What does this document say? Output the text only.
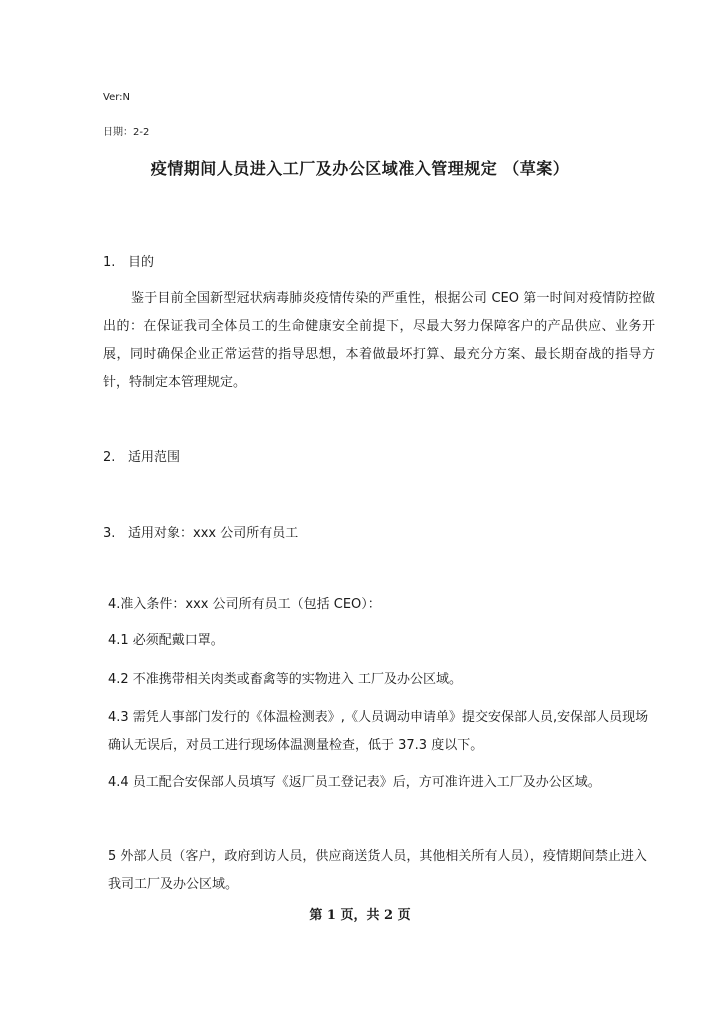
Ver:N
日期：2-2
疫情期间人员进入工厂及办公区域准入管理规定 （草案）
1. 目的
鉴于目前全国新型冠状病毒肺炎疫情传染的严重性，根据公司 CEO 第一时间对疫情防控做出的：在保证我司全体员工的生命健康安全前提下，尽最大努力保障客户的产品供应、业务开展，同时确保企业正常运营的指导思想，本着做最坏打算、最充分方案、最长期奋战的指导方针，特制定本管理规定。
2. 适用范围
3. 适用对象：xxx 公司所有员工
4.准入条件：xxx 公司所有员工（包括 CEO）：
4.1 必须配戴口罩。
4.2 不准携带相关肉类或畜禽等的实物进入 工厂及办公区域。
4.3 需凭人事部门发行的《体温检测表》,《人员调动申请单》提交安保部人员,安保部人员现场确认无误后，对员工进行现场体温测量检查，低于 37.3 度以下。
4.4 员工配合安保部人员填写《返厂员工登记表》后，方可准许进入工厂及办公区域。
5 外部人员（客户，政府到访人员，供应商送货人员，其他相关所有人员），疫情期间禁止进入我司工厂及办公区域。
第 1 页，共 2 页
